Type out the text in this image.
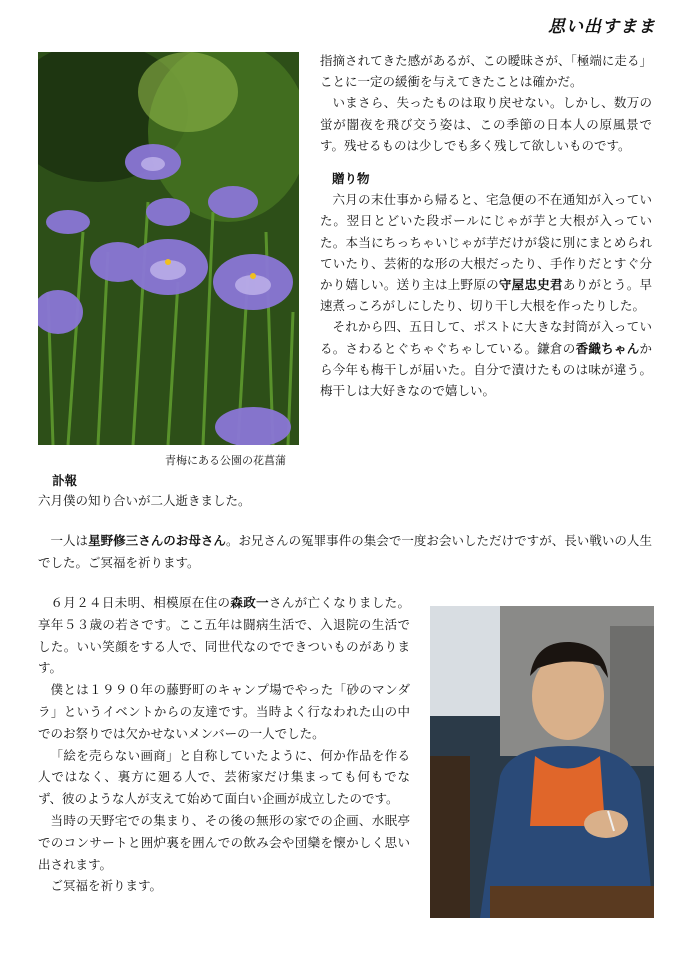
思い出すまま
青梅にある公園の花菖蒲

指摘されてきた感があるが、この曖昧さが、「極端に走る」ことに一定の緩衝を与えてきたことは確かだ。

いまさら、失ったものは取り戻せない。しかし、数万の蛍が闇夜を飛び交う姿は、この季節の日本人の原風景です。残せるものは少しでも多く残して欲しいものです。

贈り物

六月の末仕事から帰ると、宅急便の不在通知が入っていた。翌日とどいた段ボールにじゃが芋と大根が入っていた。本当にちっちゃいじゃが芋だけが袋に別にまとめられていたり、芸術的な形の大根だったり、手作りだとすぐ分かり嬉しい。送り主は上野原の守屋忠史君ありがとう。早速煮っころがしにしたり、切り干し大根を作ったりした。

それから四、五日して、ポストに大きな封筒が入っている。さわるとぐちゃぐちゃしている。鎌倉の香織ちゃんから今年も梅干しが届いた。自分で漬けたものは味が違う。梅干しは大好きなので嬉しい。

訃報
六月僕の知り合いが二人逝きました。

一人は星野修三さんのお母さん。お兄さんの冤罪事件の集会で一度お会いしただけですが、長い戦いの人生でした。ご冥福を祈ります。

６月２４日未明、相模原在住の森政一さんが亡くなりました。享年５３歳の若さです。ここ五年は闘病生活で、入退院の生活でした。いい笑顔をする人で、同世代なのでできついものがあります。

僕とは１９９０年の藤野町のキャンプ場でやった「砂のマンダラ」というイベントからの友達です。当時よく行なわれた山の中でのお祭りでは欠かせないメンバーの一人でした。

「絵を売らない画商」と自称していたように、何か作品を作る人ではなく、裏方に廻る人で、芸術家だけ集まっても何もでなず、彼のような人が支えて始めて面白い企画が成立したのです。

当時の天野宅での集まり、その後の無形の家での企画、水眠亭でのコンサートと囲炉裏を囲んでの飲み会や団欒を懐かしく思い出されます。

ご冥福を祈ります。
